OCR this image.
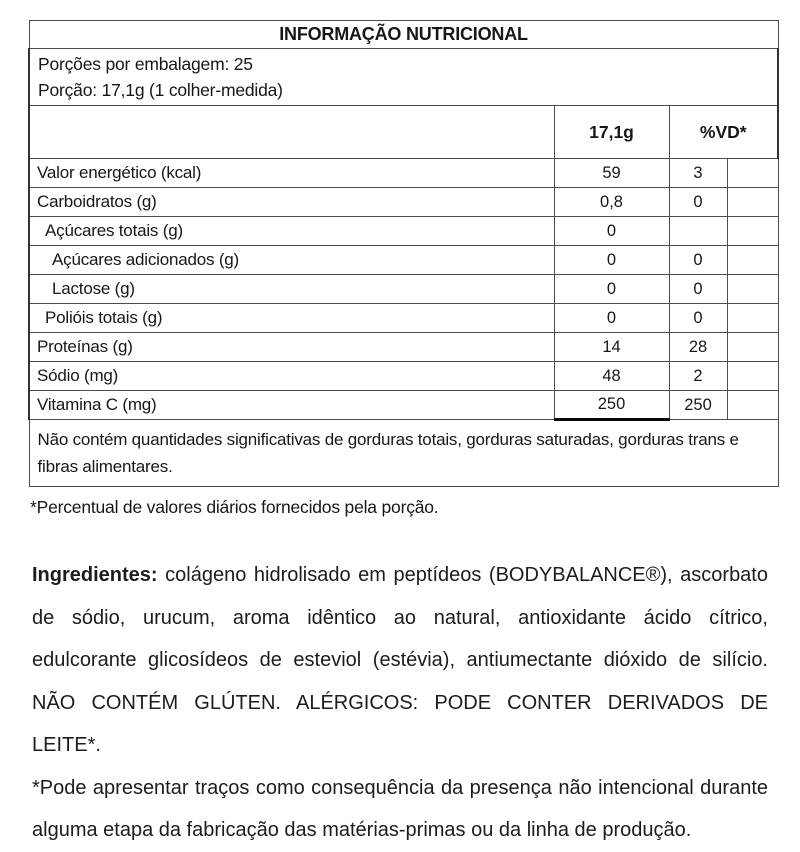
INFORMAÇÃO NUTRICIONAL			

Porções por embalagem: 25
Porção: 17,1g (1 colher-medida)			

	17,1g	%VD*	
Valor energético (kcal)	59	3	
Carboidratos (g)	0,8	0	
Açúcares totais (g)	0		
Açúcares adicionados (g)	0	0	
Lactose (g)	0	0	
Polióis totais (g)	0	0	
Proteínas (g)	14	28	
Sódio (mg)	48	2	
Vitamina C (mg)	250	250	
Não contém quantidades significativas de gorduras totais, gorduras saturadas, gorduras trans e fibras alimentares.			
*Percentual de valores diários fornecidos pela porção.

Ingredientes: colágeno hidrolisado em peptídeos (BODYBALANCE®), ascorbato de sódio, urucum, aroma idêntico ao natural, antioxidante ácido cítrico, edulcorante glicosídeos de esteviol (estévia), antiumectante dióxido de silício. NÃO CONTÉM GLÚTEN. ALÉRGICOS: PODE CONTER DERIVADOS DE LEITE*.

*Pode apresentar traços como consequência da presença não intencional durante alguma etapa da fabricação das matérias-primas ou da linha de produção.
